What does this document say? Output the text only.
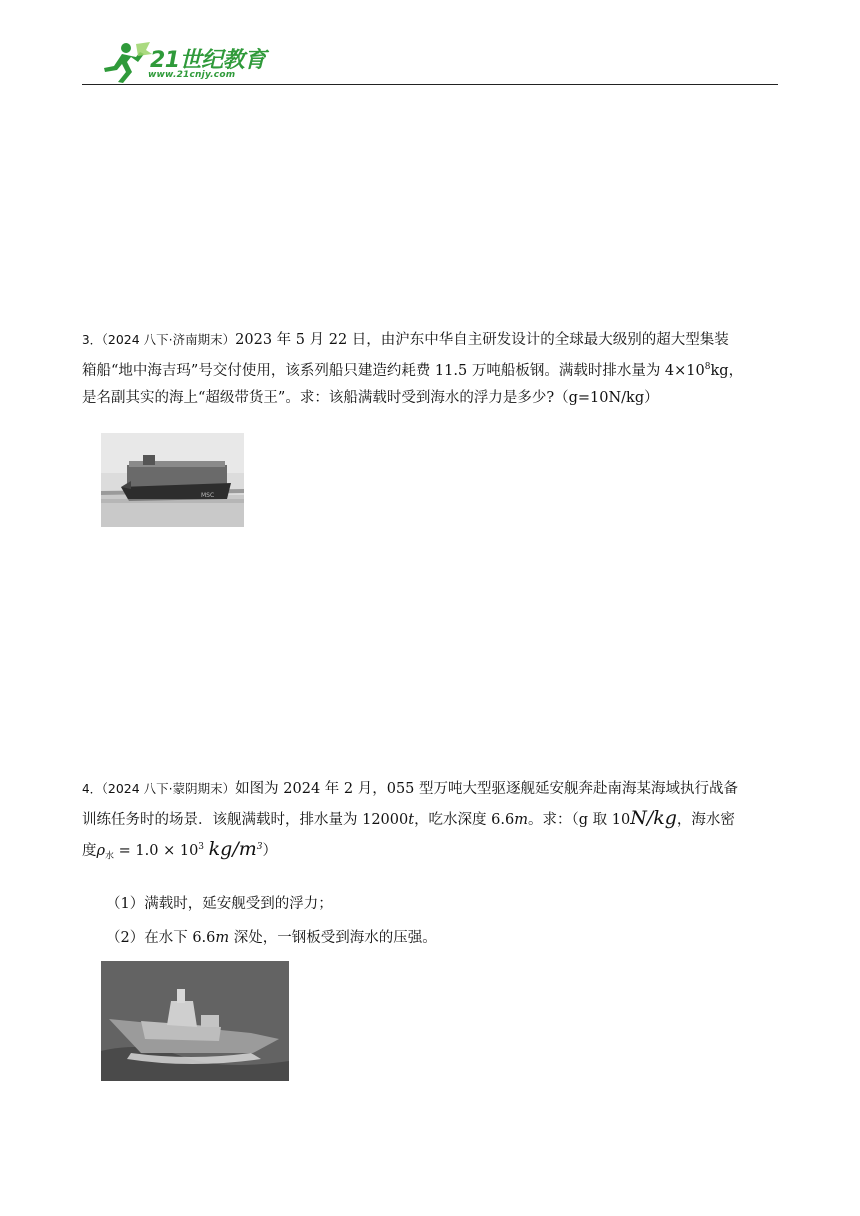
21世纪教育
www.21cnjy.com

3．（2024 八下·济南期末）2023 年 5 月 22 日，由沪东中华自主研发设计的全球最大级别的超大型集装

箱船“地中海吉玛”号交付使用，该系列船只建造约耗费 11.5 万吨船板钢。满载时排水量为 $4\times 10^8kg$，

是名副其实的海上“超级带货王”。求：该船满载时受到海水的浮力是多少?（g=10N/kg）

MSC

4．（2024 八下·蒙阴期末）如图为 2024 年 2 月，055 型万吨大型驱逐舰延安舰奔赴南海某海域执行战备

训练任务时的场景．该舰满载时，排水量为 12000t，吃水深度 6.6m。求：（g 取 10N/kg，海水密

度$\rho_水 = 1.0 \times 10^3$ $kg/m^3$）

（1）满载时，延安舰受到的浮力；
（2）在水下 6.6m 深处，一钢板受到海水的压强。
